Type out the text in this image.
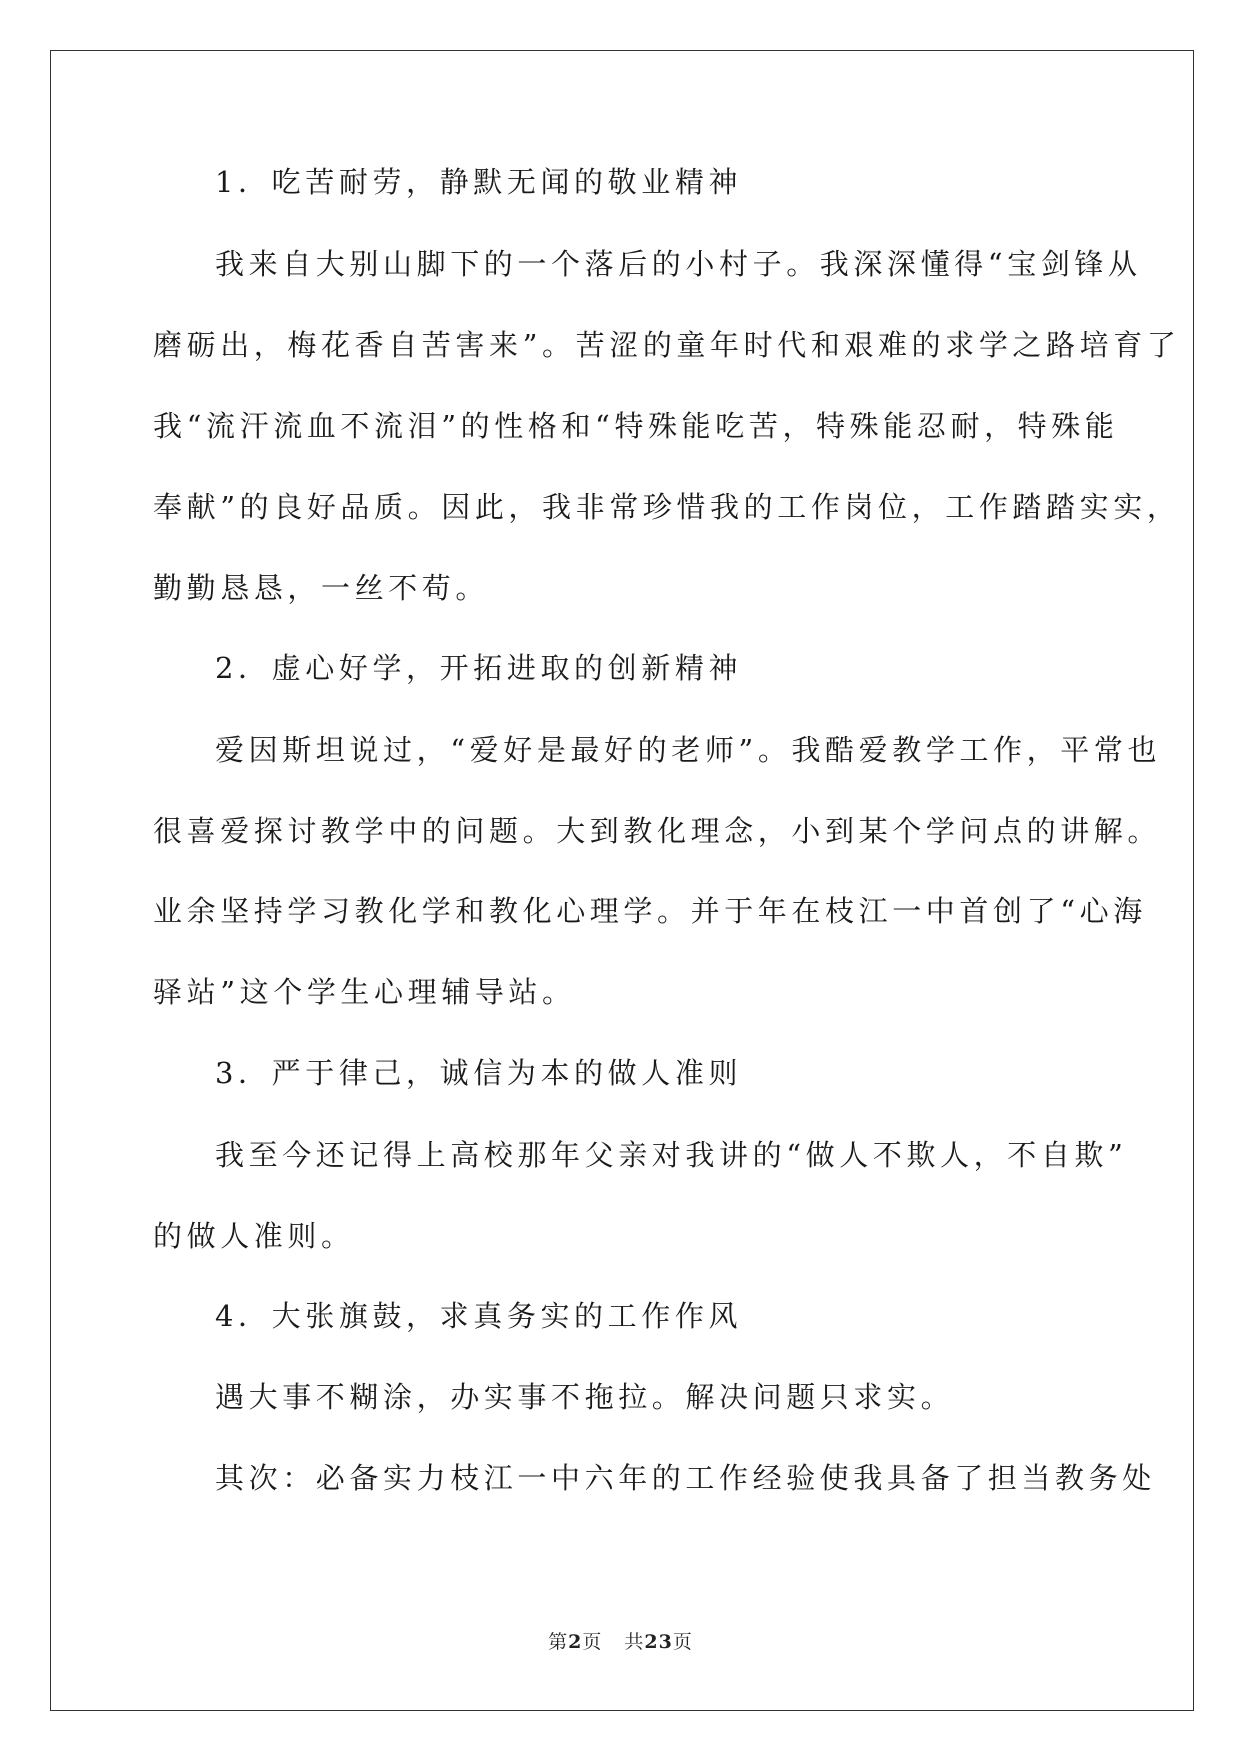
1．吃苦耐劳，静默无闻的敬业精神
我来自大别山脚下的一个落后的小村子。我深深懂得“宝剑锋从
磨砺出，梅花香自苦害来”。苦涩的童年时代和艰难的求学之路培育了
我“流汗流血不流泪”的性格和“特殊能吃苦，特殊能忍耐，特殊能
奉献”的良好品质。因此，我非常珍惜我的工作岗位，工作踏踏实实，
勤勤恳恳，一丝不苟。
2．虚心好学，开拓进取的创新精神
爱因斯坦说过，“爱好是最好的老师”。我酷爱教学工作，平常也
很喜爱探讨教学中的问题。大到教化理念，小到某个学问点的讲解。
业余坚持学习教化学和教化心理学。并于年在枝江一中首创了“心海
驿站”这个学生心理辅导站。
3．严于律己，诚信为本的做人准则
我至今还记得上高校那年父亲对我讲的“做人不欺人，不自欺”
的做人准则。
4．大张旗鼓，求真务实的工作作风
遇大事不糊涂，办实事不拖拉。解决问题只求实。
其次：必备实力枝江一中六年的工作经验使我具备了担当教务处
第2页 共23页
